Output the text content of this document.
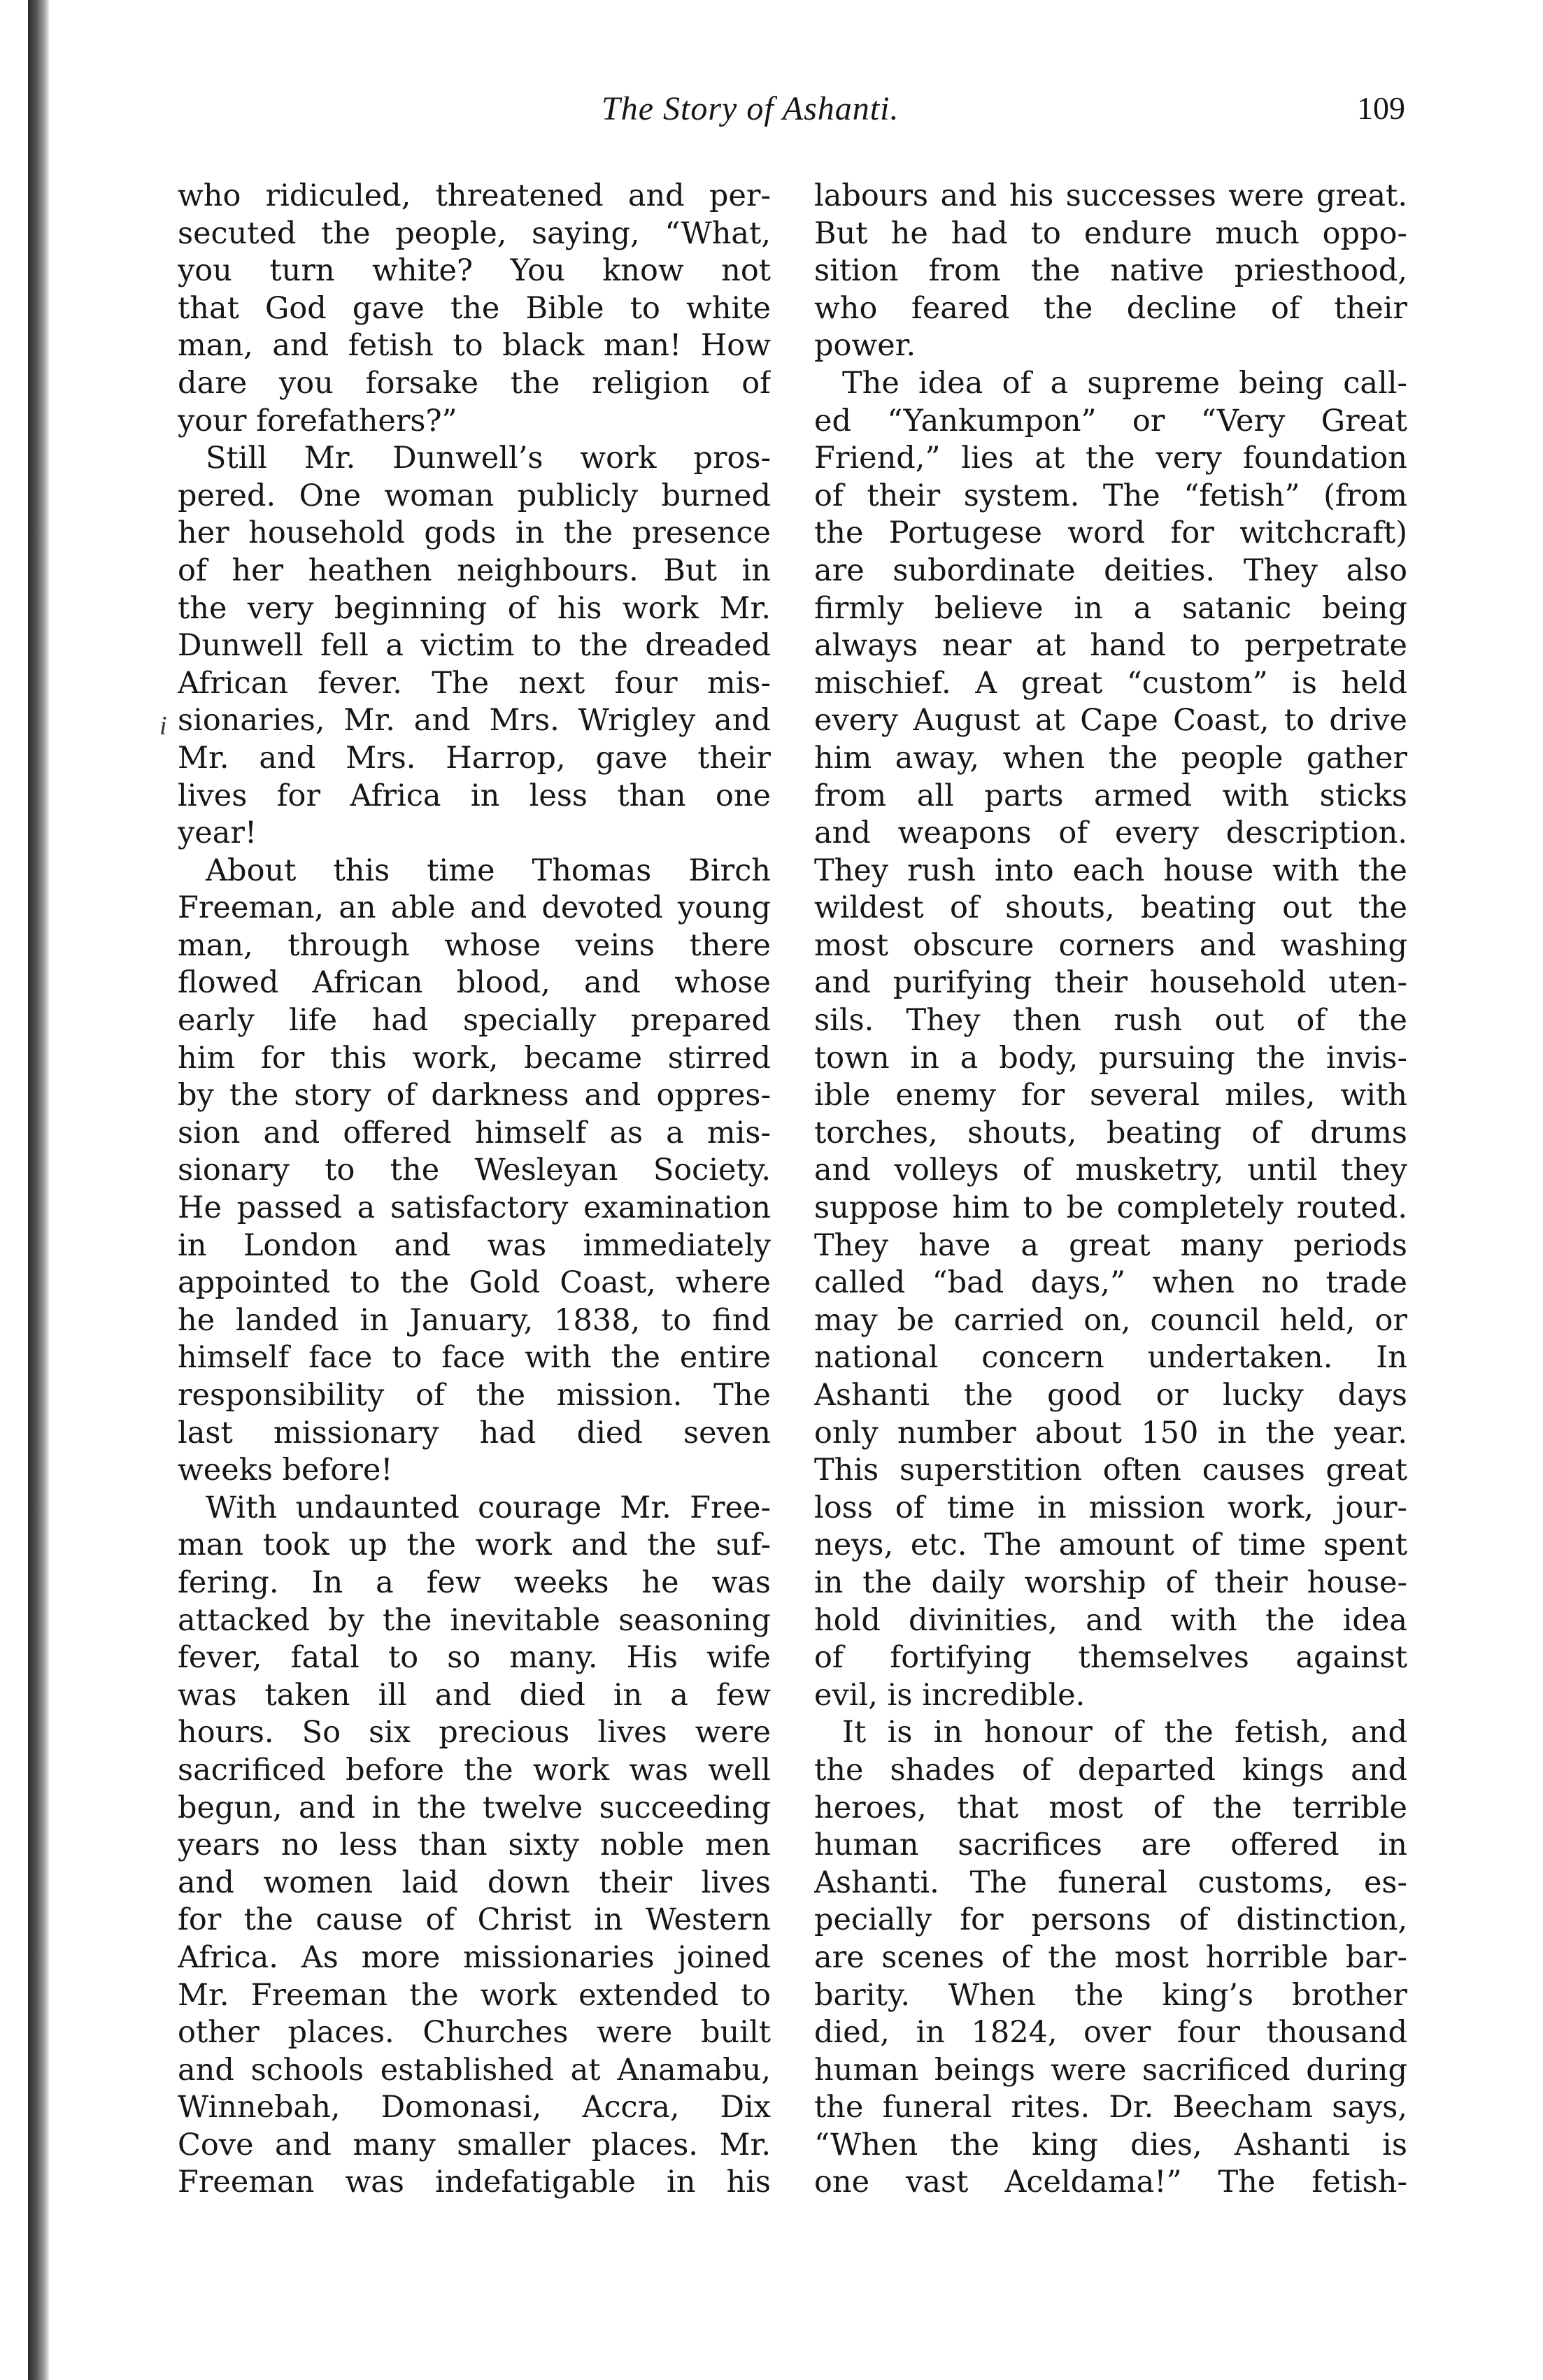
The Story of Ashanti.	109
i
who ridiculed, threatened and per-
secuted the people, saying, “What,
you turn white? You know not
that God gave the Bible to white
man, and fetish to black man! How
dare you forsake the religion of
your forefathers?”
Still Mr. Dunwell’s work pros-
pered. One woman publicly burned
her household gods in the presence
of her heathen neighbours. But in
the very beginning of his work Mr.
Dunwell fell a victim to the dreaded
African fever. The next four mis-
sionaries, Mr. and Mrs. Wrigley and
Mr. and Mrs. Harrop, gave their
lives for Africa in less than one
year!
About this time Thomas Birch
Freeman, an able and devoted young
man, through whose veins there
flowed African blood, and whose
early life had specially prepared
him for this work, became stirred
by the story of darkness and oppres-
sion and offered himself as a mis-
sionary to the Wesleyan Society.
He passed a satisfactory examination
in London and was immediately
appointed to the Gold Coast, where
he landed in January, 1838, to find
himself face to face with the entire
responsibility of the mission. The
last missionary had died seven
weeks before!
With undaunted courage Mr. Free-
man took up the work and the suf-
fering. In a few weeks he was
attacked by the inevitable seasoning
fever, fatal to so many. His wife
was taken ill and died in a few
hours. So six precious lives were
sacrificed before the work was well
begun, and in the twelve succeeding
years no less than sixty noble men
and women laid down their lives
for the cause of Christ in Western
Africa. As more missionaries joined
Mr. Freeman the work extended to
other places. Churches were built
and schools established at Anamabu,
Winnebah, Domonasi, Accra, Dix
Cove and many smaller places. Mr.
Freeman was indefatigable in his
labours and his successes were great.
But he had to endure much oppo-
sition from the native priesthood,
who feared the decline of their
power.
The idea of a supreme being call-
ed “Yankumpon” or “Very Great
Friend,” lies at the very foundation
of their system. The “fetish” (from
the Portugese word for witchcraft)
are subordinate deities. They also
firmly believe in a satanic being
always near at hand to perpetrate
mischief. A great “custom” is held
every August at Cape Coast, to drive
him away, when the people gather
from all parts armed with sticks
and weapons of every description.
They rush into each house with the
wildest of shouts, beating out the
most obscure corners and washing
and purifying their household uten-
sils. They then rush out of the
town in a body, pursuing the invis-
ible enemy for several miles, with
torches, shouts, beating of drums
and volleys of musketry, until they
suppose him to be completely routed.
They have a great many periods
called “bad days,” when no trade
may be carried on, council held, or
national concern undertaken. In
Ashanti the good or lucky days
only number about 150 in the year.
This superstition often causes great
loss of time in mission work, jour-
neys, etc. The amount of time spent
in the daily worship of their house-
hold divinities, and with the idea
of fortifying themselves against
evil, is incredible.
It is in honour of the fetish, and
the shades of departed kings and
heroes, that most of the terrible
human sacrifices are offered in
Ashanti. The funeral customs, es-
pecially for persons of distinction,
are scenes of the most horrible bar-
barity. When the king’s brother
died, in 1824, over four thousand
human beings were sacrificed during
the funeral rites. Dr. Beecham says,
“When the king dies, Ashanti is
one vast Aceldama!” The fetish-
